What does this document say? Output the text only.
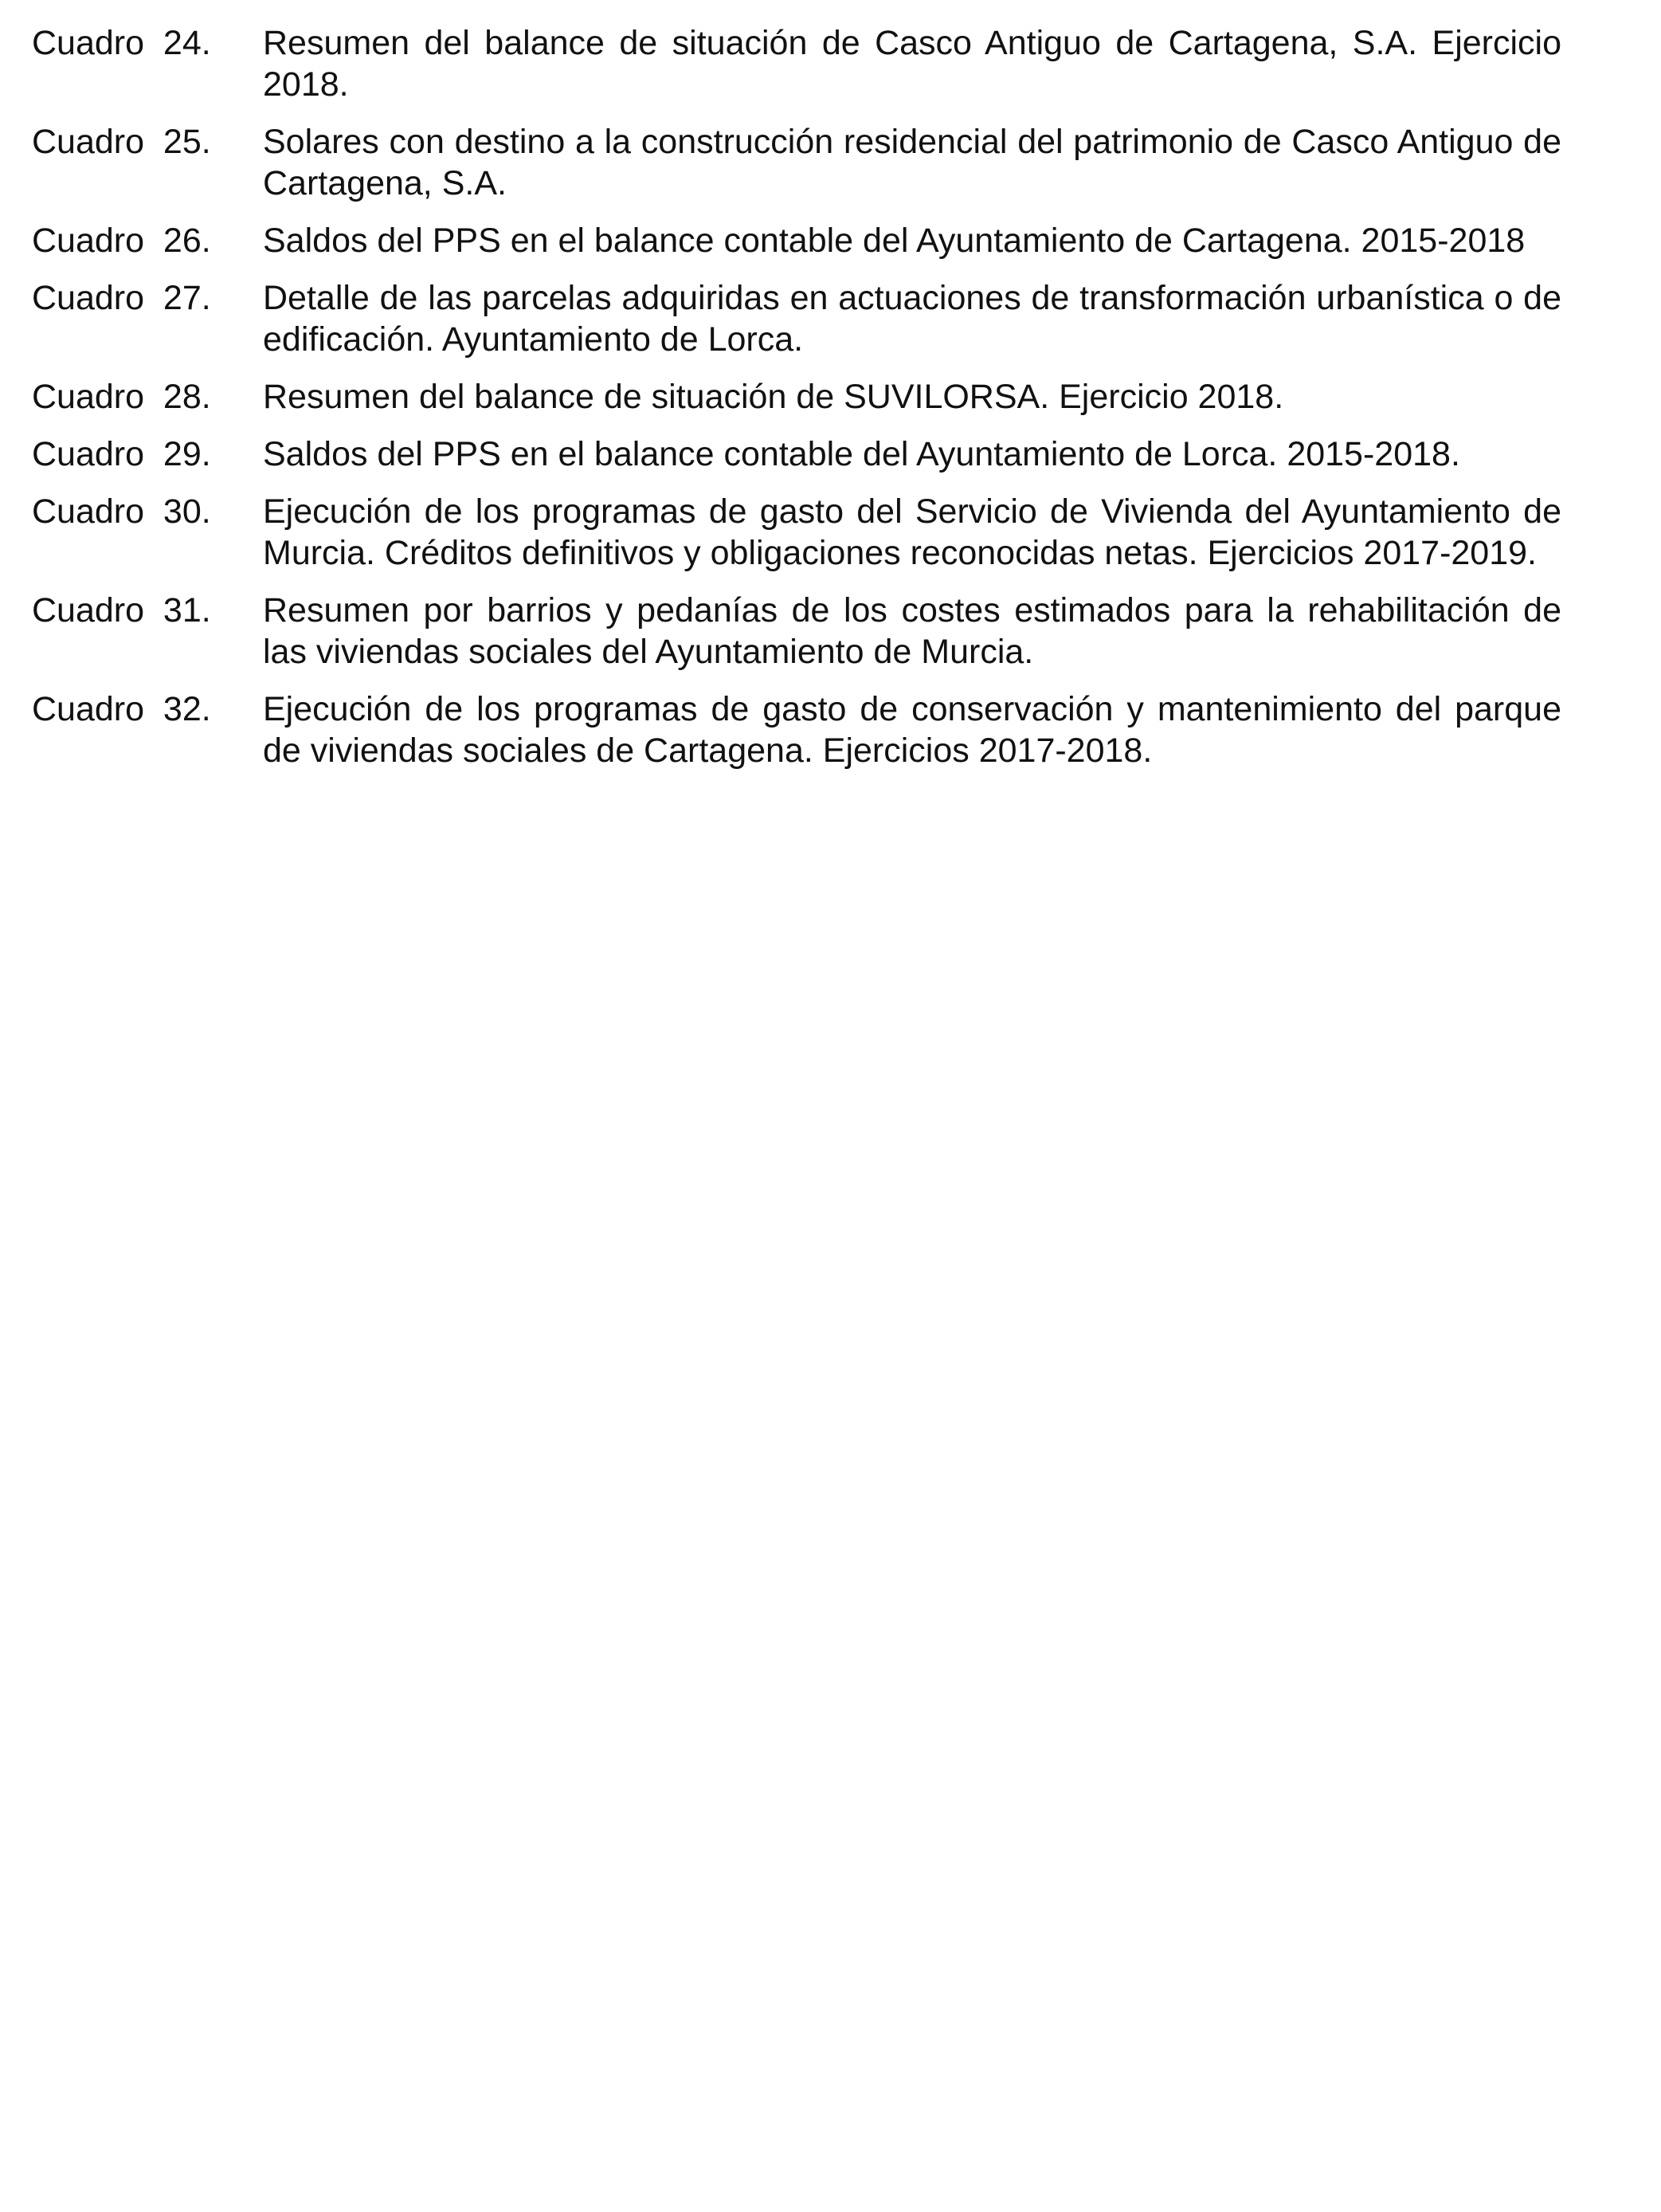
Cuadro  24.	Resumen del balance de situación de Casco Antiguo de Cartagena, S.A. Ejercicio 2018.
Cuadro  25.	Solares con destino a la construcción residencial del patrimonio de Casco Antiguo de Cartagena, S.A.
Cuadro  26.	Saldos del PPS en el balance contable del Ayuntamiento de Cartagena. 2015-2018
Cuadro  27.	Detalle de las parcelas adquiridas en actuaciones de transformación urbanística o de edificación. Ayuntamiento de Lorca.
Cuadro  28.	Resumen del balance de situación de SUVILORSA. Ejercicio 2018.
Cuadro  29.	Saldos del PPS en el balance contable del Ayuntamiento de Lorca. 2015-2018.
Cuadro  30.	Ejecución de los programas de gasto del Servicio de Vivienda del Ayuntamiento de Murcia. Créditos definitivos y obligaciones reconocidas netas. Ejercicios 2017-2019.
Cuadro  31.	Resumen por barrios y pedanías de los costes estimados para la rehabilitación de las viviendas sociales del Ayuntamiento de Murcia.
Cuadro  32.	Ejecución de los programas de gasto de conservación y mantenimiento del parque de viviendas sociales de Cartagena. Ejercicios 2017-2018.
